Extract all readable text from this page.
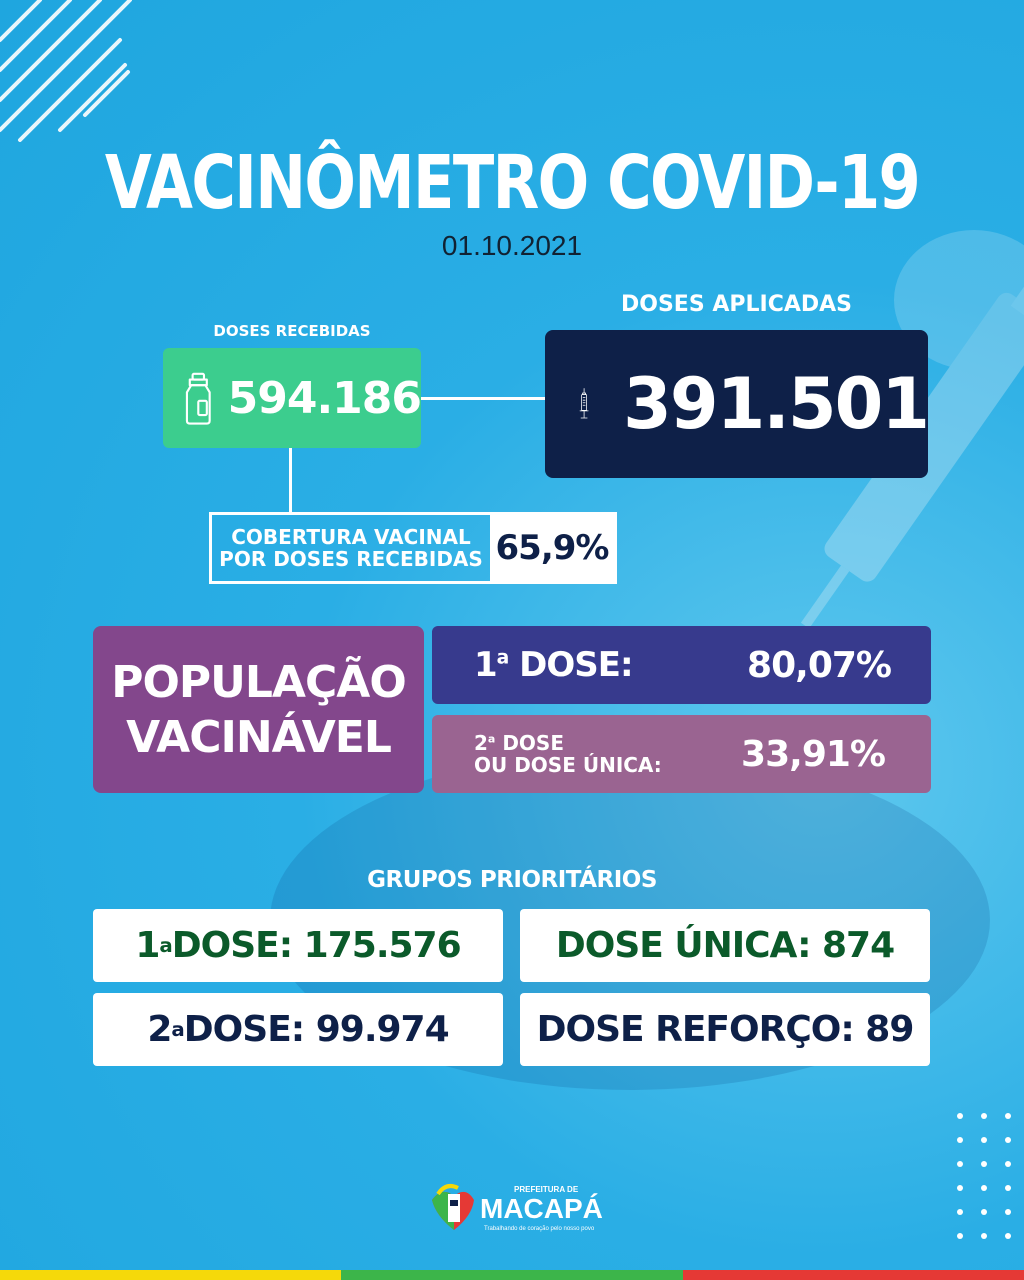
VACINÔMETRO COVID-19
01.10.2021
DOSES RECEBIDAS
594.186
DOSES APLICADAS
391.501
COBERTURA VACINAL
POR DOSES RECEBIDAS 65,9%
POPULAÇÃO
VACINÁVEL
1$^a$ DOSE:	80,07%
2$^a$ DOSE
OU DOSE ÚNICA: 33,91%
GRUPOS PRIORITÁRIOS
1 a DOSE: 175.576	DOSE ÚNICA: 874
2 a DOSE: 99.974	DOSE REFORÇO: 89
PREFEITURA DE
MACAPÁ
Trabalhando de coração pelo nosso povo
